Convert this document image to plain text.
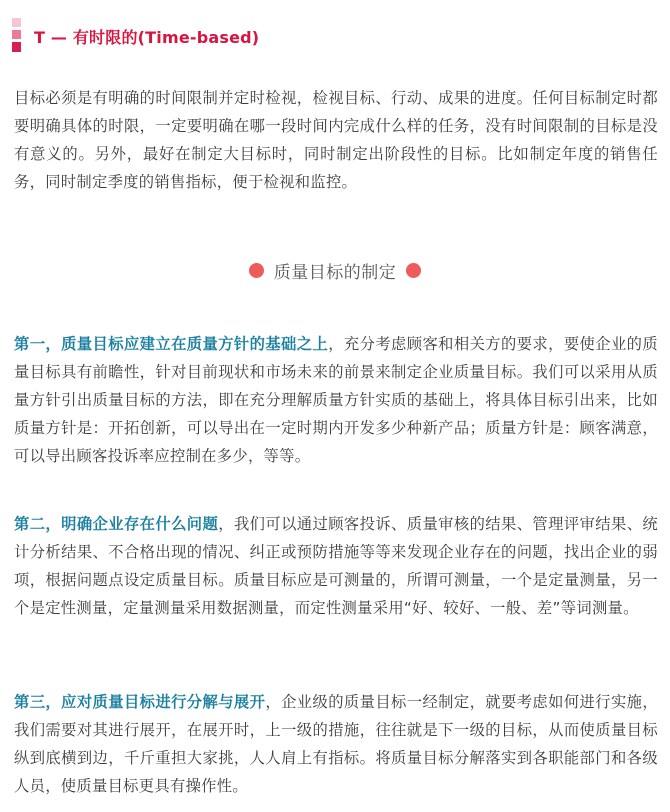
T — 有时限的(Time-based)

目标必须是有明确的时间限制并定时检视，检视目标、行动、成果的进度。任何目标制定时都要明确具体的时限，一定要明确在哪一段时间内完成什么样的任务，没有时间限制的目标是没有意义的。另外，最好在制定大目标时，同时制定出阶段性的目标。比如制定年度的销售任务，同时制定季度的销售指标，便于检视和监控。

质量目标的制定

第一，质量目标应建立在质量方针的基础之上，充分考虑顾客和相关方的要求，要使企业的质量目标具有前瞻性，针对目前现状和市场未来的前景来制定企业质量目标。我们可以采用从质量方针引出质量目标的方法，即在充分理解质量方针实质的基础上，将具体目标引出来，比如质量方针是：开拓创新，可以导出在一定时期内开发多少种新产品；质量方针是：顾客满意，可以导出顾客投诉率应控制在多少，等等。

第二，明确企业存在什么问题，我们可以通过顾客投诉、质量审核的结果、管理评审结果、统计分析结果、不合格出现的情况、纠正或预防措施等等来发现企业存在的问题，找出企业的弱项，根据问题点设定质量目标。质量目标应是可测量的，所谓可测量，一个是定量测量，另一个是定性测量，定量测量采用数据测量，而定性测量采用“好、较好、一般、差”等词测量。

第三，应对质量目标进行分解与展开，企业级的质量目标一经制定，就要考虑如何进行实施，我们需要对其进行展开，在展开时，上一级的措施，往往就是下一级的目标，从而使质量目标纵到底横到边，千斤重担大家挑，人人肩上有指标。将质量目标分解落实到各职能部门和各级人员，使质量目标更具有操作性。
